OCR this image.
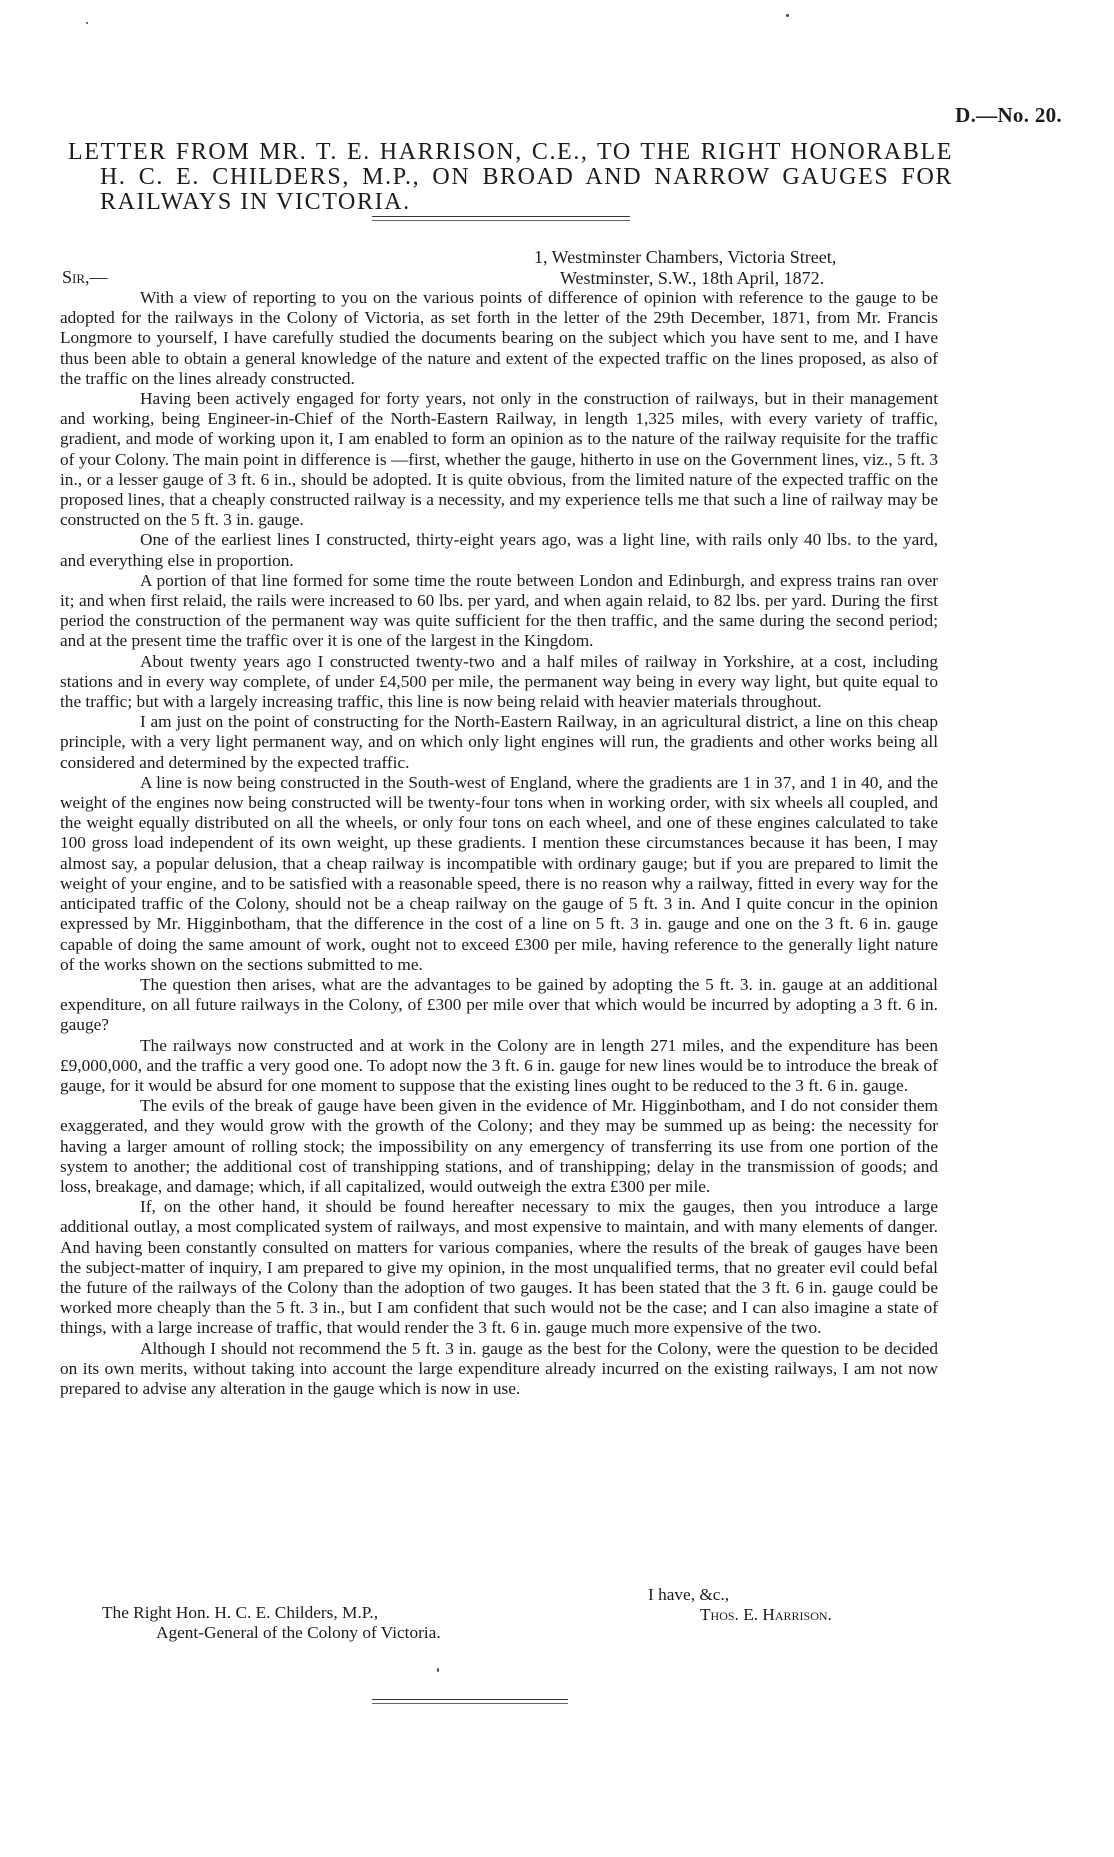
D.—No. 20.
LETTER FROM MR. T. E. HARRISON, C.E., TO THE RIGHT HONORABLE H. C. E. CHILDERS, M.P., ON BROAD AND NARROW GAUGES FOR RAILWAYS IN VICTORIA.
1, Westminster Chambers, Victoria Street,
Westminster, S.W., 18th April, 1872.
Sir,—

With a view of reporting to you on the various points of difference of opinion with reference to the gauge to be adopted for the railways in the Colony of Victoria, as set forth in the letter of the 29th December, 1871, from Mr. Francis Longmore to yourself, I have carefully studied the documents bearing on the subject which you have sent to me, and I have thus been able to obtain a general knowledge of the nature and extent of the expected traffic on the lines proposed, as also of the traffic on the lines already constructed.

Having been actively engaged for forty years, not only in the construction of railways, but in their management and working, being Engineer-in-Chief of the North-Eastern Railway, in length 1,325 miles, with every variety of traffic, gradient, and mode of working upon it, I am enabled to form an opinion as to the nature of the railway requisite for the traffic of your Colony. The main point in difference is —first, whether the gauge, hitherto in use on the Government lines, viz., 5 ft. 3 in., or a lesser gauge of 3 ft. 6 in., should be adopted. It is quite obvious, from the limited nature of the expected traffic on the proposed lines, that a cheaply constructed railway is a necessity, and my experience tells me that such a line of railway may be constructed on the 5 ft. 3 in. gauge.

One of the earliest lines I constructed, thirty-eight years ago, was a light line, with rails only 40 lbs. to the yard, and everything else in proportion.

A portion of that line formed for some time the route between London and Edinburgh, and express trains ran over it; and when first relaid, the rails were increased to 60 lbs. per yard, and when again relaid, to 82 lbs. per yard. During the first period the construction of the permanent way was quite sufficient for the then traffic, and the same during the second period; and at the present time the traffic over it is one of the largest in the Kingdom.

About twenty years ago I constructed twenty-two and a half miles of railway in Yorkshire, at a cost, including stations and in every way complete, of under £4,500 per mile, the permanent way being in every way light, but quite equal to the traffic; but with a largely increasing traffic, this line is now being relaid with heavier materials throughout.

I am just on the point of constructing for the North-Eastern Railway, in an agricultural district, a line on this cheap principle, with a very light permanent way, and on which only light engines will run, the gradients and other works being all considered and determined by the expected traffic.

A line is now being constructed in the South-west of England, where the gradients are 1 in 37, and 1 in 40, and the weight of the engines now being constructed will be twenty-four tons when in working order, with six wheels all coupled, and the weight equally distributed on all the wheels, or only four tons on each wheel, and one of these engines calculated to take 100 gross load independent of its own weight, up these gradients. I mention these circumstances because it has been, I may almost say, a popular delusion, that a cheap railway is incompatible with ordinary gauge; but if you are prepared to limit the weight of your engine, and to be satisfied with a reasonable speed, there is no reason why a railway, fitted in every way for the anticipated traffic of the Colony, should not be a cheap railway on the gauge of 5 ft. 3 in. And I quite concur in the opinion expressed by Mr. Higginbotham, that the difference in the cost of a line on 5 ft. 3 in. gauge and one on the 3 ft. 6 in. gauge capable of doing the same amount of work, ought not to exceed £300 per mile, having reference to the generally light nature of the works shown on the sections submitted to me.

The question then arises, what are the advantages to be gained by adopting the 5 ft. 3. in. gauge at an additional expenditure, on all future railways in the Colony, of £300 per mile over that which would be incurred by adopting a 3 ft. 6 in. gauge?

The railways now constructed and at work in the Colony are in length 271 miles, and the expenditure has been £9,000,000, and the traffic a very good one. To adopt now the 3 ft. 6 in. gauge for new lines would be to introduce the break of gauge, for it would be absurd for one moment to suppose that the existing lines ought to be reduced to the 3 ft. 6 in. gauge.

The evils of the break of gauge have been given in the evidence of Mr. Higginbotham, and I do not consider them exaggerated, and they would grow with the growth of the Colony; and they may be summed up as being: the necessity for having a larger amount of rolling stock; the impossibility on any emergency of transferring its use from one portion of the system to another; the additional cost of transhipping stations, and of transhipping; delay in the transmission of goods; and loss, breakage, and damage; which, if all capitalized, would outweigh the extra £300 per mile.

If, on the other hand, it should be found hereafter necessary to mix the gauges, then you introduce a large additional outlay, a most complicated system of railways, and most expensive to maintain, and with many elements of danger. And having been constantly consulted on matters for various companies, where the results of the break of gauges have been the subject-matter of inquiry, I am prepared to give my opinion, in the most unqualified terms, that no greater evil could befal the future of the railways of the Colony than the adoption of two gauges. It has been stated that the 3 ft. 6 in. gauge could be worked more cheaply than the 5 ft. 3 in., but I am confident that such would not be the case; and I can also imagine a state of things, with a large increase of traffic, that would render the 3 ft. 6 in. gauge much more expensive of the two.

Although I should not recommend the 5 ft. 3 in. gauge as the best for the Colony, were the question to be decided on its own merits, without taking into account the large expenditure already incurred on the existing railways, I am not now prepared to advise any alteration in the gauge which is now in use.

I have, &c.,
Thos. E. Harrison.
The Right Hon. H. C. E. Childers, M.P.,
Agent-General of the Colony of Victoria.
